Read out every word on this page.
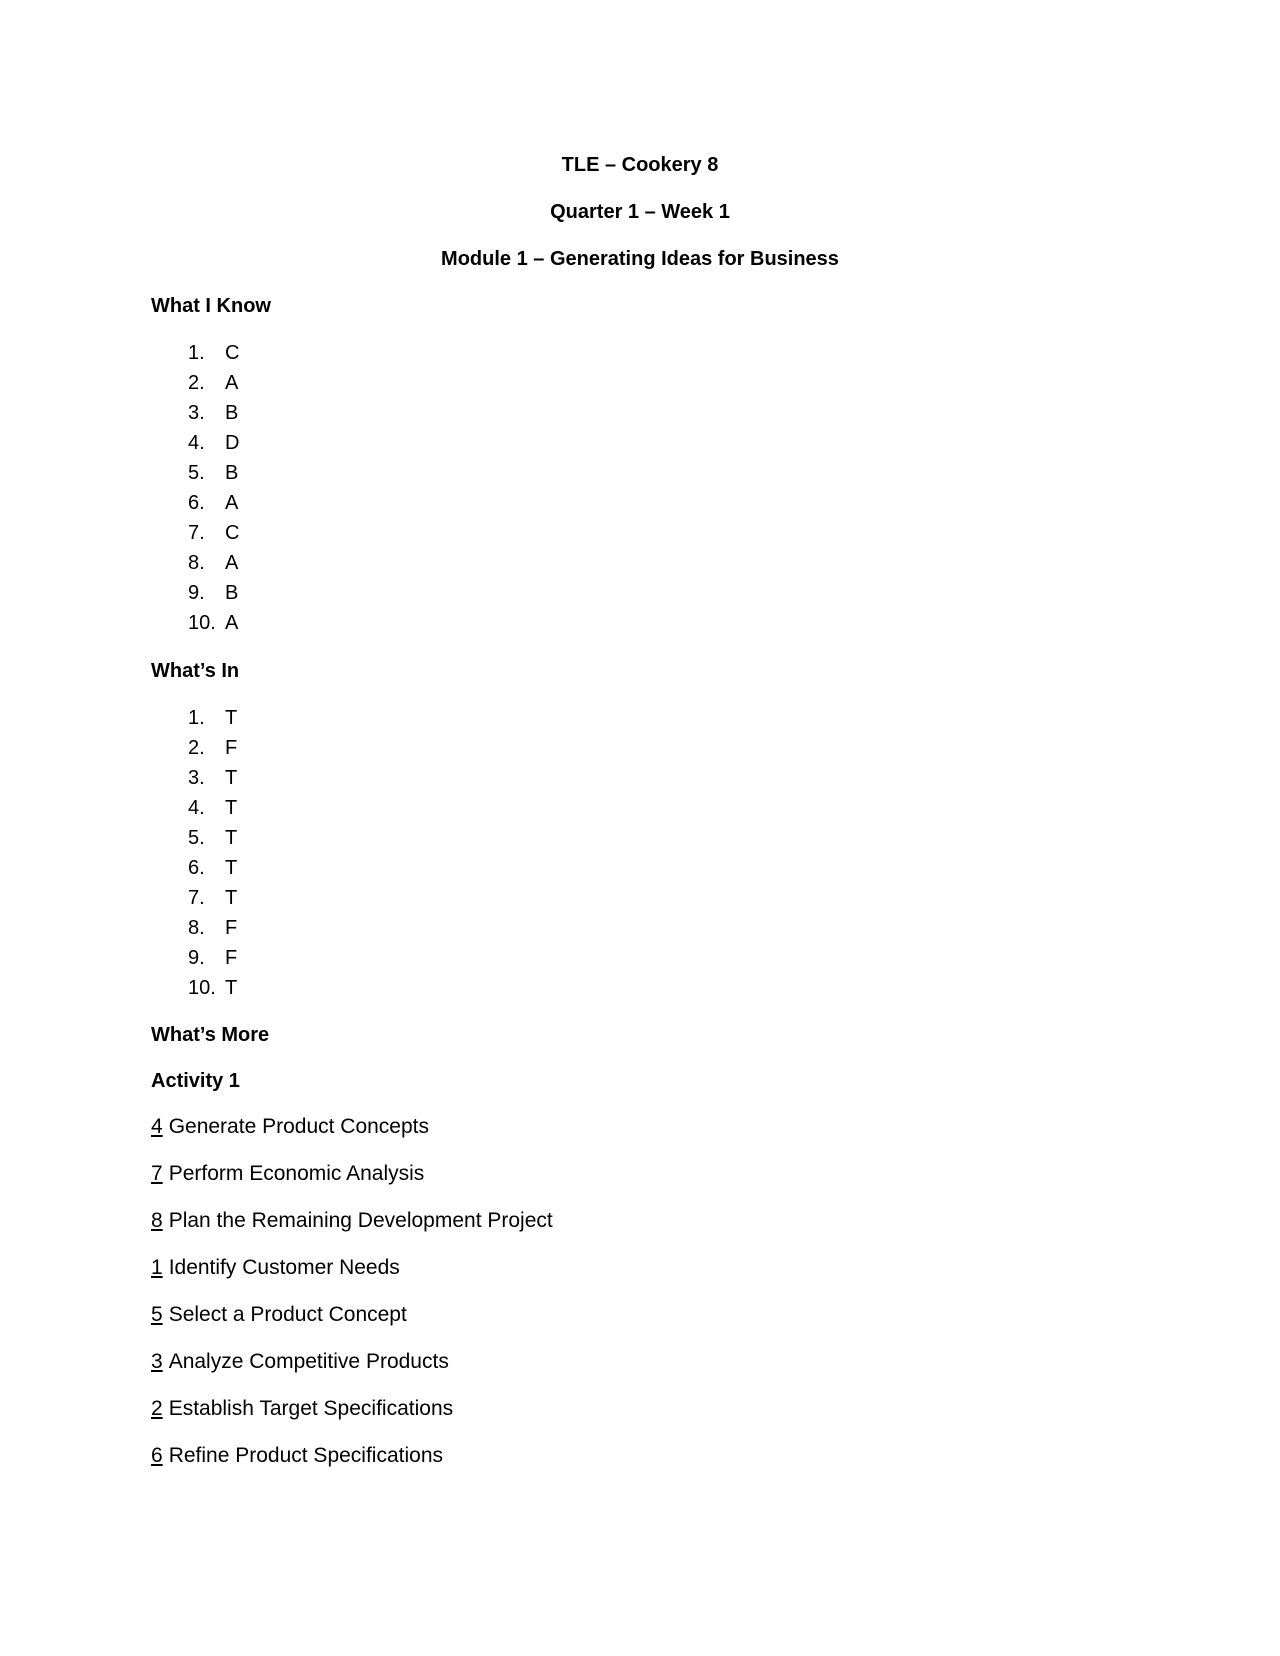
TLE – Cookery 8
Quarter 1 – Week 1
Module 1 – Generating Ideas for Business
What I Know
1.	C
2.	A
3.	B
4.	D
5.	B
6.	A
7.	C
8.	A
9.	B
10. A
What’s In
1.	T
2.	F
3.	T
4.	T
5.	T
6.	T
7.	T
8.	F
9.	F
10. T
What’s More
Activity 1
4 Generate Product Concepts
7 Perform Economic Analysis
8 Plan the Remaining Development Project
1 Identify Customer Needs
5 Select a Product Concept
3 Analyze Competitive Products
2 Establish Target Specifications
6 Refine Product Specifications
